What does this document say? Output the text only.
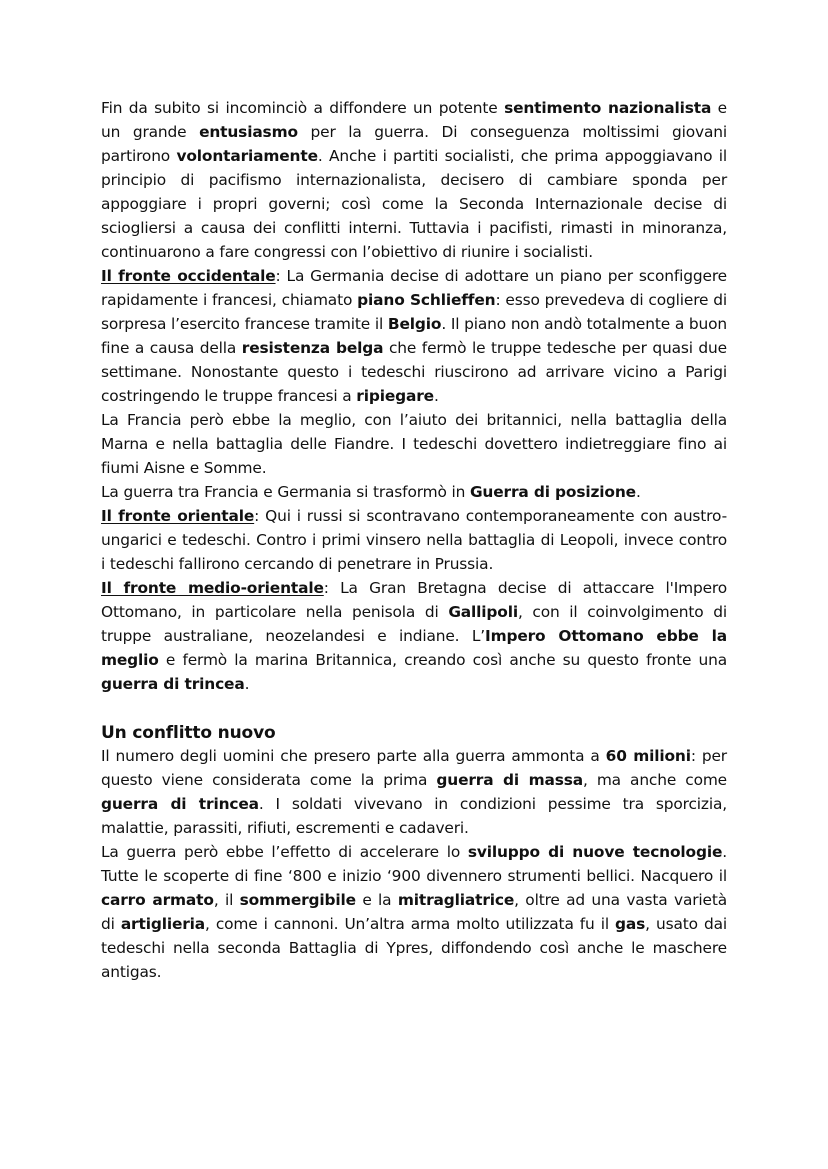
Fin da subito si incominciò a diffondere un potente sentimento nazionalista e un grande entusiasmo per la guerra. Di conseguenza moltissimi giovani partirono volontariamente. Anche i partiti socialisti, che prima appoggiavano il principio di pacifismo internazionalista, decisero di cambiare sponda per appoggiare i propri governi; così come la Seconda Internazionale decise di sciogliersi a causa dei conflitti interni. Tuttavia i pacifisti, rimasti in minoranza, continuarono a fare congressi con l’obiettivo di riunire i socialisti.

Il fronte occidentale: La Germania decise di adottare un piano per sconfiggere rapidamente i francesi, chiamato piano Schlieffen: esso prevedeva di cogliere di sorpresa l’esercito francese tramite il Belgio. Il piano non andò totalmente a buon fine a causa della resistenza belga che fermò le truppe tedesche per quasi due settimane. Nonostante questo i tedeschi riuscirono ad arrivare vicino a Parigi costringendo le truppe francesi a ripiegare.

La Francia però ebbe la meglio, con l’aiuto dei britannici, nella battaglia della Marna e nella battaglia delle Fiandre. I tedeschi dovettero indietreggiare fino ai fiumi Aisne e Somme.

La guerra tra Francia e Germania si trasformò in Guerra di posizione.

Il fronte orientale: Qui i russi si scontravano contemporaneamente con austro-ungarici e tedeschi. Contro i primi vinsero nella battaglia di Leopoli, invece contro i tedeschi fallirono cercando di penetrare in Prussia.

Il fronte medio-orientale: La Gran Bretagna decise di attaccare l'Impero Ottomano, in particolare nella penisola di Gallipoli, con il coinvolgimento di truppe australiane, neozelandesi e indiane. L’Impero Ottomano ebbe la meglio e fermò la marina Britannica, creando così anche su questo fronte una guerra di trincea.

Un conflitto nuovo

Il numero degli uomini che presero parte alla guerra ammonta a 60 milioni: per questo viene considerata come la prima guerra di massa, ma anche come guerra di trincea. I soldati vivevano in condizioni pessime tra sporcizia, malattie, parassiti, rifiuti, escrementi e cadaveri.

La guerra però ebbe l’effetto di accelerare lo sviluppo di nuove tecnologie. Tutte le scoperte di fine ‘800 e inizio ‘900 divennero strumenti bellici. Nacquero il carro armato, il sommergibile e la mitragliatrice, oltre ad una vasta varietà di artiglieria, come i cannoni. Un’altra arma molto utilizzata fu il gas, usato dai tedeschi nella seconda Battaglia di Ypres, diffondendo così anche le maschere antigas.
